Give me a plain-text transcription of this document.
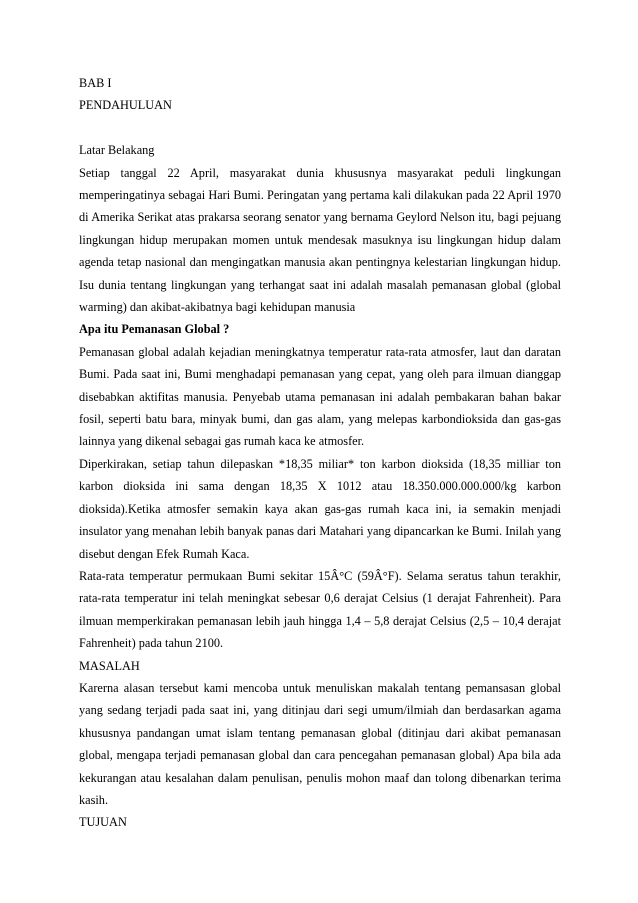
BAB I

PENDAHULUAN

Latar Belakang

Setiap tanggal 22 April, masyarakat dunia khususnya masyarakat peduli lingkungan memperingatinya sebagai Hari Bumi. Peringatan yang pertama kali dilakukan pada 22 April 1970 di Amerika Serikat atas prakarsa seorang senator yang bernama Geylord Nelson itu, bagi pejuang lingkungan hidup merupakan momen untuk mendesak masuknya isu lingkungan hidup dalam agenda tetap nasional dan mengingatkan manusia akan pentingnya kelestarian lingkungan hidup. Isu dunia tentang lingkungan yang terhangat saat ini adalah masalah pemanasan global (global warming) dan akibat-akibatnya bagi kehidupan manusia

Apa itu Pemanasan Global ?

Pemanasan global adalah kejadian meningkatnya temperatur rata-rata atmosfer, laut dan daratan Bumi. Pada saat ini, Bumi menghadapi pemanasan yang cepat, yang oleh para ilmuan dianggap disebabkan aktifitas manusia. Penyebab utama pemanasan ini adalah pembakaran bahan bakar fosil, seperti batu bara, minyak bumi, dan gas alam, yang melepas karbondioksida dan gas-gas lainnya yang dikenal sebagai gas rumah kaca ke atmosfer.

Diperkirakan, setiap tahun dilepaskan *18,35 miliar* ton karbon dioksida (18,35 milliar ton karbon dioksida ini sama dengan 18,35 X 1012 atau 18.350.000.000.000/kg karbon dioksida).Ketika atmosfer semakin kaya akan gas-gas rumah kaca ini, ia semakin menjadi insulator yang menahan lebih banyak panas dari Matahari yang dipancarkan ke Bumi. Inilah yang disebut dengan Efek Rumah Kaca.

Rata-rata temperatur permukaan Bumi sekitar 15Â°C (59Â°F). Selama seratus tahun terakhir, rata-rata temperatur ini telah meningkat sebesar 0,6 derajat Celsius (1 derajat Fahrenheit). Para ilmuan memperkirakan pemanasan lebih jauh hingga 1,4 – 5,8 derajat Celsius (2,5 – 10,4 derajat Fahrenheit) pada tahun 2100.

MASALAH

Karerna alasan tersebut kami mencoba untuk menuliskan makalah tentang pemansasan global yang sedang terjadi pada saat ini, yang ditinjau dari segi umum/ilmiah dan berdasarkan agama khususnya pandangan umat islam tentang pemanasan global (ditinjau dari akibat pemanasan global, mengapa terjadi pemanasan global dan cara pencegahan pemanasan global) Apa bila ada kekurangan atau kesalahan dalam penulisan, penulis mohon maaf dan tolong dibenarkan terima kasih.

TUJUAN
